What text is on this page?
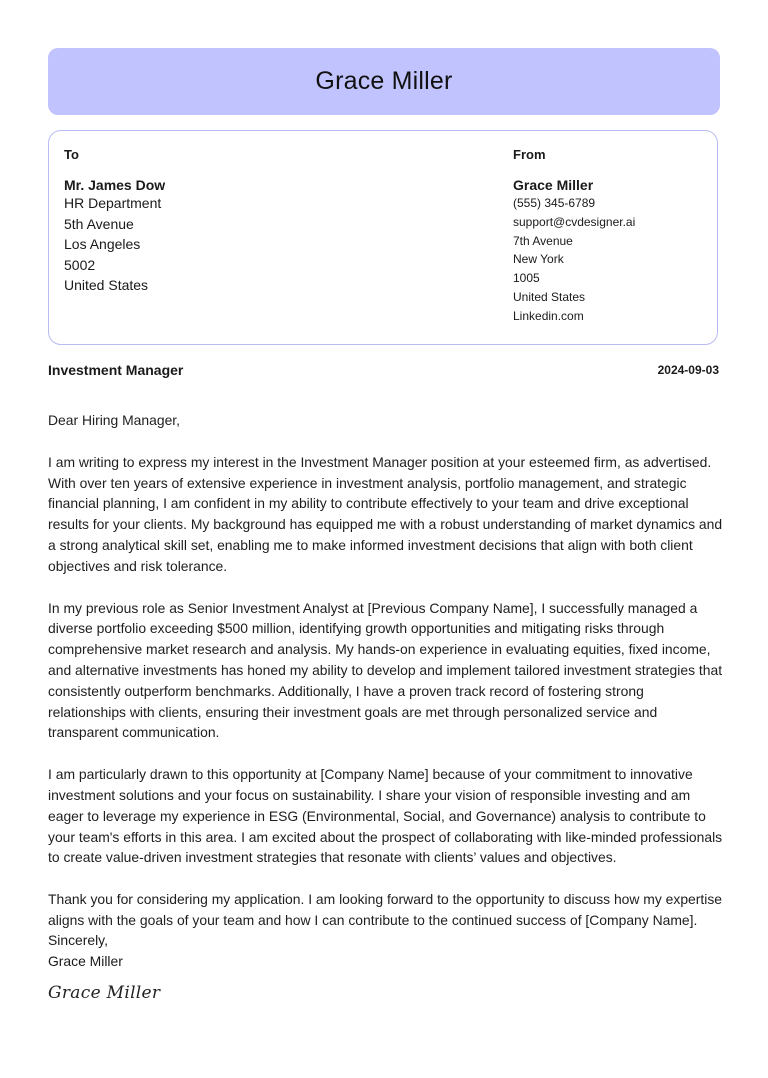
Grace Miller
To
Mr. James Dow
HR Department
5th Avenue
Los Angeles
5002
United States
From
Grace Miller
(555) 345-6789
support@cvdesigner.ai
7th Avenue
New York
1005
United States
Linkedin.com
Investment Manager	2024-09-03

Dear Hiring Manager,

I am writing to express my interest in the Investment Manager position at your esteemed firm, as advertised. With over ten years of extensive experience in investment analysis, portfolio management, and strategic financial planning, I am confident in my ability to contribute effectively to your team and drive exceptional results for your clients. My background has equipped me with a robust understanding of market dynamics and a strong analytical skill set, enabling me to make informed investment decisions that align with both client objectives and risk tolerance.

In my previous role as Senior Investment Analyst at [Previous Company Name], I successfully managed a diverse portfolio exceeding $500 million, identifying growth opportunities and mitigating risks through comprehensive market research and analysis. My hands-on experience in evaluating equities, fixed income, and alternative investments has honed my ability to develop and implement tailored investment strategies that consistently outperform benchmarks. Additionally, I have a proven track record of fostering strong relationships with clients, ensuring their investment goals are met through personalized service and transparent communication.

I am particularly drawn to this opportunity at [Company Name] because of your commitment to innovative investment solutions and your focus on sustainability. I share your vision of responsible investing and am eager to leverage my experience in ESG (Environmental, Social, and Governance) analysis to contribute to your team's efforts in this area. I am excited about the prospect of collaborating with like-minded professionals to create value-driven investment strategies that resonate with clients’ values and objectives.

Thank you for considering my application. I am looking forward to the opportunity to discuss how my expertise aligns with the goals of your team and how I can contribute to the continued success of [Company Name].

Sincerely,
Grace Miller
Grace Miller
